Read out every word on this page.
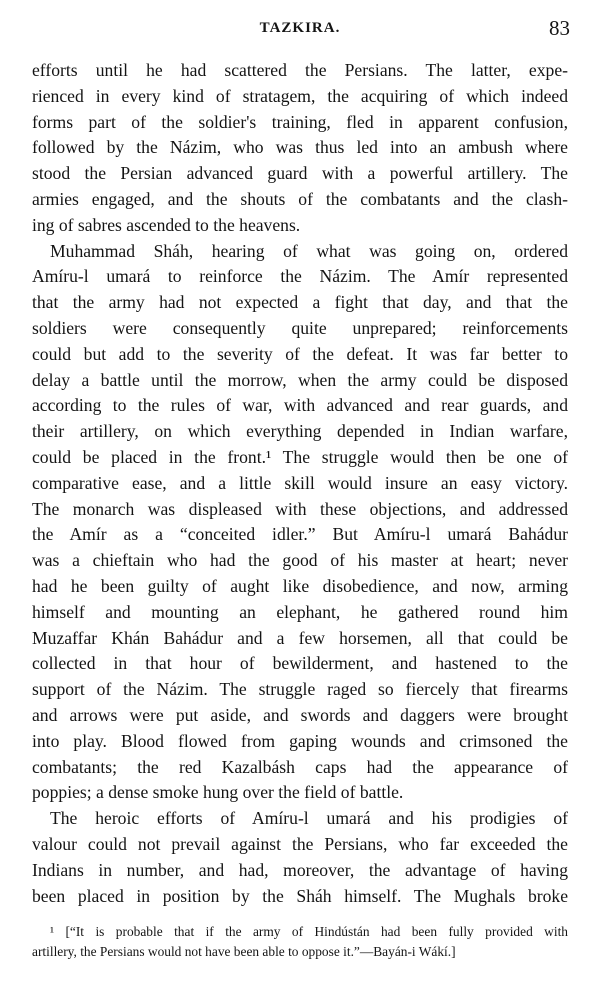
TAZKIRA.	83
efforts until he had scattered the Persians. The latter, expe-
rienced in every kind of stratagem, the acquiring of which indeed
forms part of the soldier's training, fled in apparent confusion,
followed by the Názim, who was thus led into an ambush where
stood the Persian advanced guard with a powerful artillery. The
armies engaged, and the shouts of the combatants and the clash-
ing of sabres ascended to the heavens.
Muhammad Sháh, hearing of what was going on, ordered
Amíru-l umará to reinforce the Názim. The Amír represented
that the army had not expected a fight that day, and that the
soldiers were consequently quite unprepared; reinforcements
could but add to the severity of the defeat. It was far better to
delay a battle until the morrow, when the army could be disposed
according to the rules of war, with advanced and rear guards, and
their artillery, on which everything depended in Indian warfare,
could be placed in the front.¹ The struggle would then be one of
comparative ease, and a little skill would insure an easy victory.
The monarch was displeased with these objections, and addressed
the Amír as a “conceited idler.” But Amíru-l umará Bahádur
was a chieftain who had the good of his master at heart; never
had he been guilty of aught like disobedience, and now, arming
himself and mounting an elephant, he gathered round him
Muzaffar Khán Bahádur and a few horsemen, all that could be
collected in that hour of bewilderment, and hastened to the
support of the Názim. The struggle raged so fiercely that firearms
and arrows were put aside, and swords and daggers were brought
into play. Blood flowed from gaping wounds and crimsoned the
combatants; the red Kazalbásh caps had the appearance of
poppies; a dense smoke hung over the field of battle.
The heroic efforts of Amíru-l umará and his prodigies of
valour could not prevail against the Persians, who far exceeded the
Indians in number, and had, moreover, the advantage of having
been placed in position by the Sháh himself. The Mughals broke
¹ [“It is probable that if the army of Hindústán had been fully provided with
artillery, the Persians would not have been able to oppose it.”—Bayán-i Wákí.]
